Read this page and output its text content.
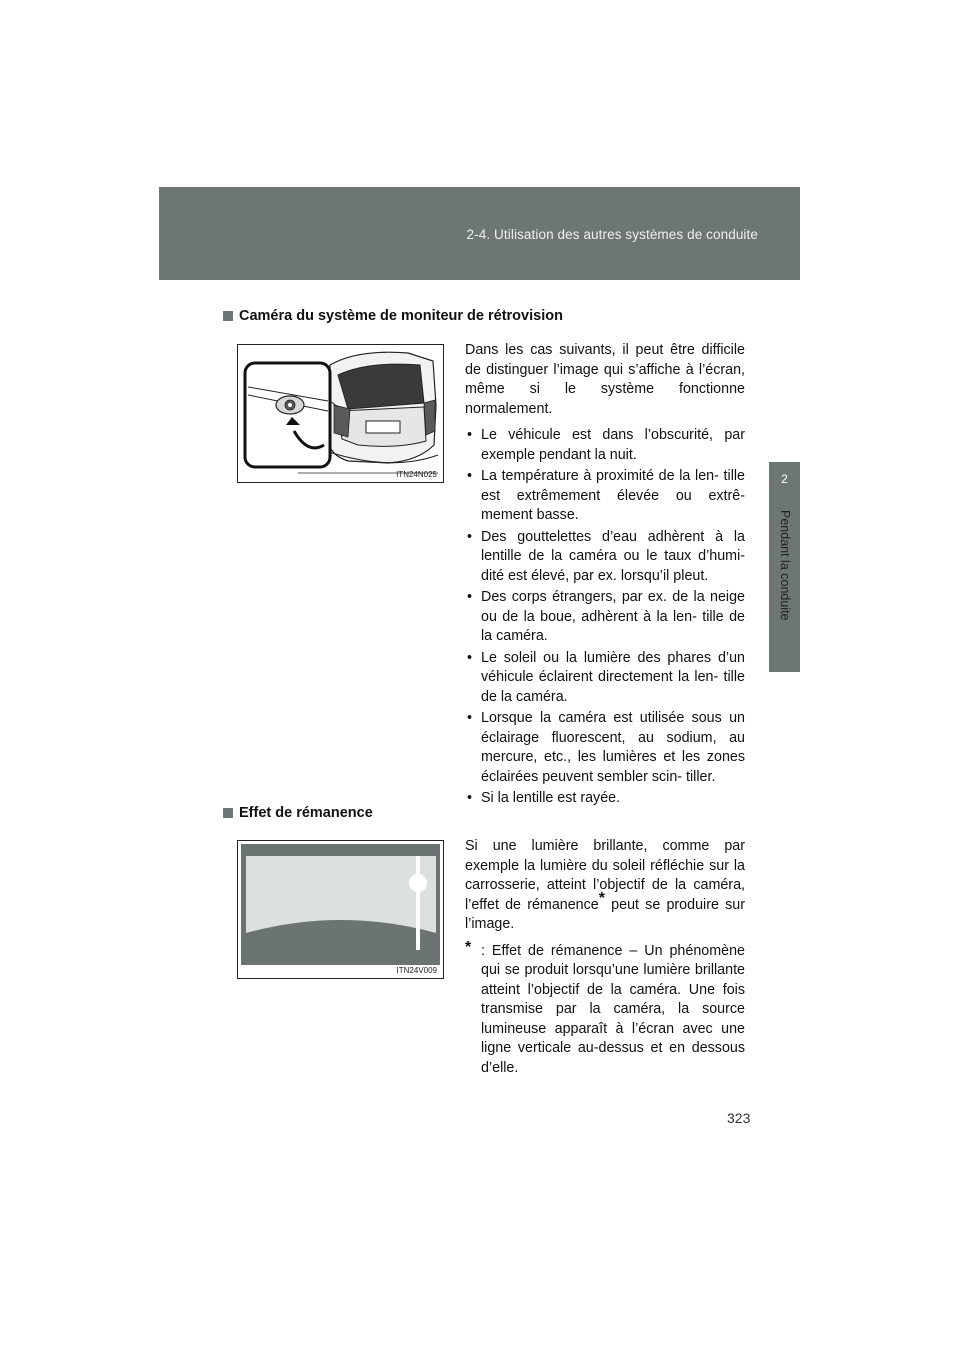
2-4. Utilisation des autres systèmes de conduite
2
Pendant la conduite
Caméra du système de moniteur de rétrovision
ITN24N025

Dans les cas suivants, il peut être difficile de distinguer l’image qui s’affiche à l’écran, même si le système fonctionne normalement.

• Le véhicule est dans l’obscurité, par exemple pendant la nuit.
• La température à proximité de la len- tille est extrêmement élevée ou extrê- mement basse.
• Des gouttelettes d’eau adhèrent à la lentille de la caméra ou le taux d’humi- dité est élevé, par ex. lorsqu’il pleut.
• Des corps étrangers, par ex. de la neige ou de la boue, adhèrent à la len- tille de la caméra.
• Le soleil ou la lumière des phares d’un véhicule éclairent directement la len- tille de la caméra.
• Lorsque la caméra est utilisée sous un éclairage fluorescent, au sodium, au mercure, etc., les lumières et les zones éclairées peuvent sembler scin- tiller.
• Si la lentille est rayée.
Effet de rémanence
ITN24V009

Si une lumière brillante, comme par exemple la lumière du soleil réfléchie sur la carrosserie, atteint l’objectif de la caméra, l’effet de rémanence* peut se produire sur l’image.

* : Effet de rémanence – Un phénomène qui se produit lorsqu’une lumière brillante atteint l’objectif de la caméra. Une fois transmise par la caméra, la source lumineuse apparaît à l’écran avec une ligne verticale au-dessus et en dessous d’elle.
323
